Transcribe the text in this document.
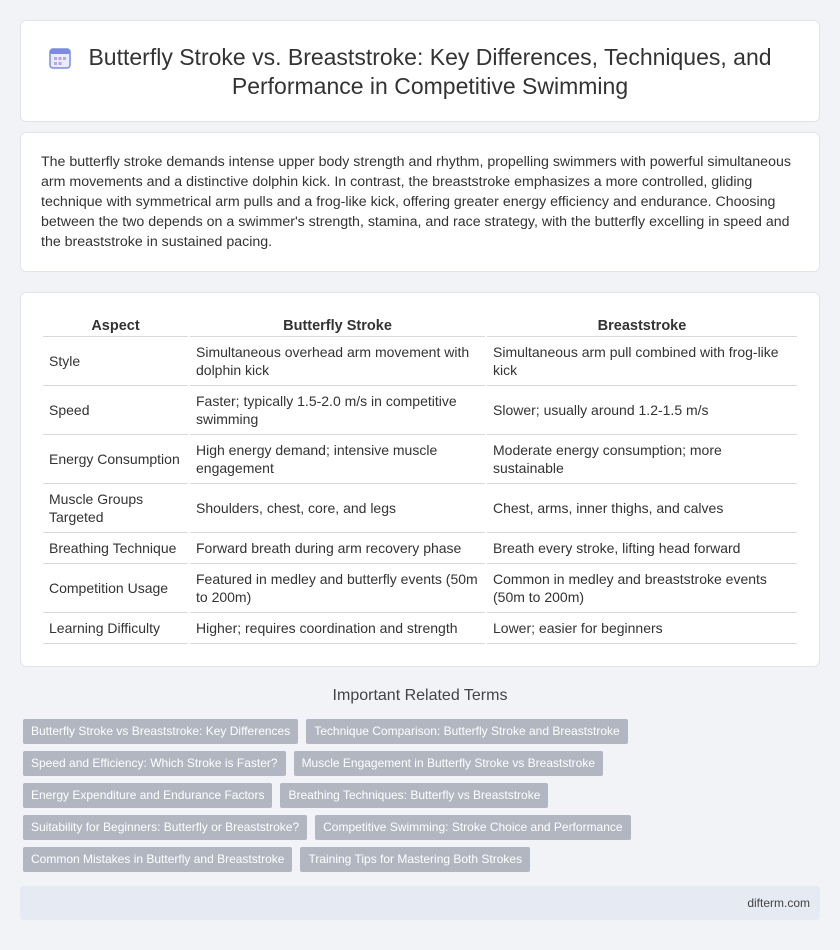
Butterfly Stroke vs. Breaststroke: Key Differences, Techniques, and Performance in Competitive Swimming

The butterfly stroke demands intense upper body strength and rhythm, propelling swimmers with powerful simultaneous arm movements and a distinctive dolphin kick. In contrast, the breaststroke emphasizes a more controlled, gliding technique with symmetrical arm pulls and a frog-like kick, offering greater energy efficiency and endurance. Choosing between the two depends on a swimmer's strength, stamina, and race strategy, with the butterfly excelling in speed and the breaststroke in sustained pacing.

Aspect	Butterfly Stroke	Breaststroke
Style	Simultaneous overhead arm movement with dolphin kick	Simultaneous arm pull combined with frog-like kick
Speed	Faster; typically 1.5-2.0 m/s in competitive swimming	Slower; usually around 1.2-1.5 m/s
Energy Consumption	High energy demand; intensive muscle engagement	Moderate energy consumption; more sustainable
Muscle Groups Targeted	Shoulders, chest, core, and legs	Chest, arms, inner thighs, and calves
Breathing Technique	Forward breath during arm recovery phase	Breath every stroke, lifting head forward
Competition Usage	Featured in medley and butterfly events (50m to 200m)	Common in medley and breaststroke events (50m to 200m)
Learning Difficulty	Higher; requires coordination and strength	Lower; easier for beginners
Important Related Terms
Butterfly Stroke vs Breaststroke: Key Differences	Technique Comparison: Butterfly Stroke and Breaststroke
Speed and Efficiency: Which Stroke is Faster?	Muscle Engagement in Butterfly Stroke vs Breaststroke
Energy Expenditure and Endurance Factors	Breathing Techniques: Butterfly vs Breaststroke
Suitability for Beginners: Butterfly or Breaststroke?	Competitive Swimming: Stroke Choice and Performance
Common Mistakes in Butterfly and Breaststroke	Training Tips for Mastering Both Strokes
difterm.com
